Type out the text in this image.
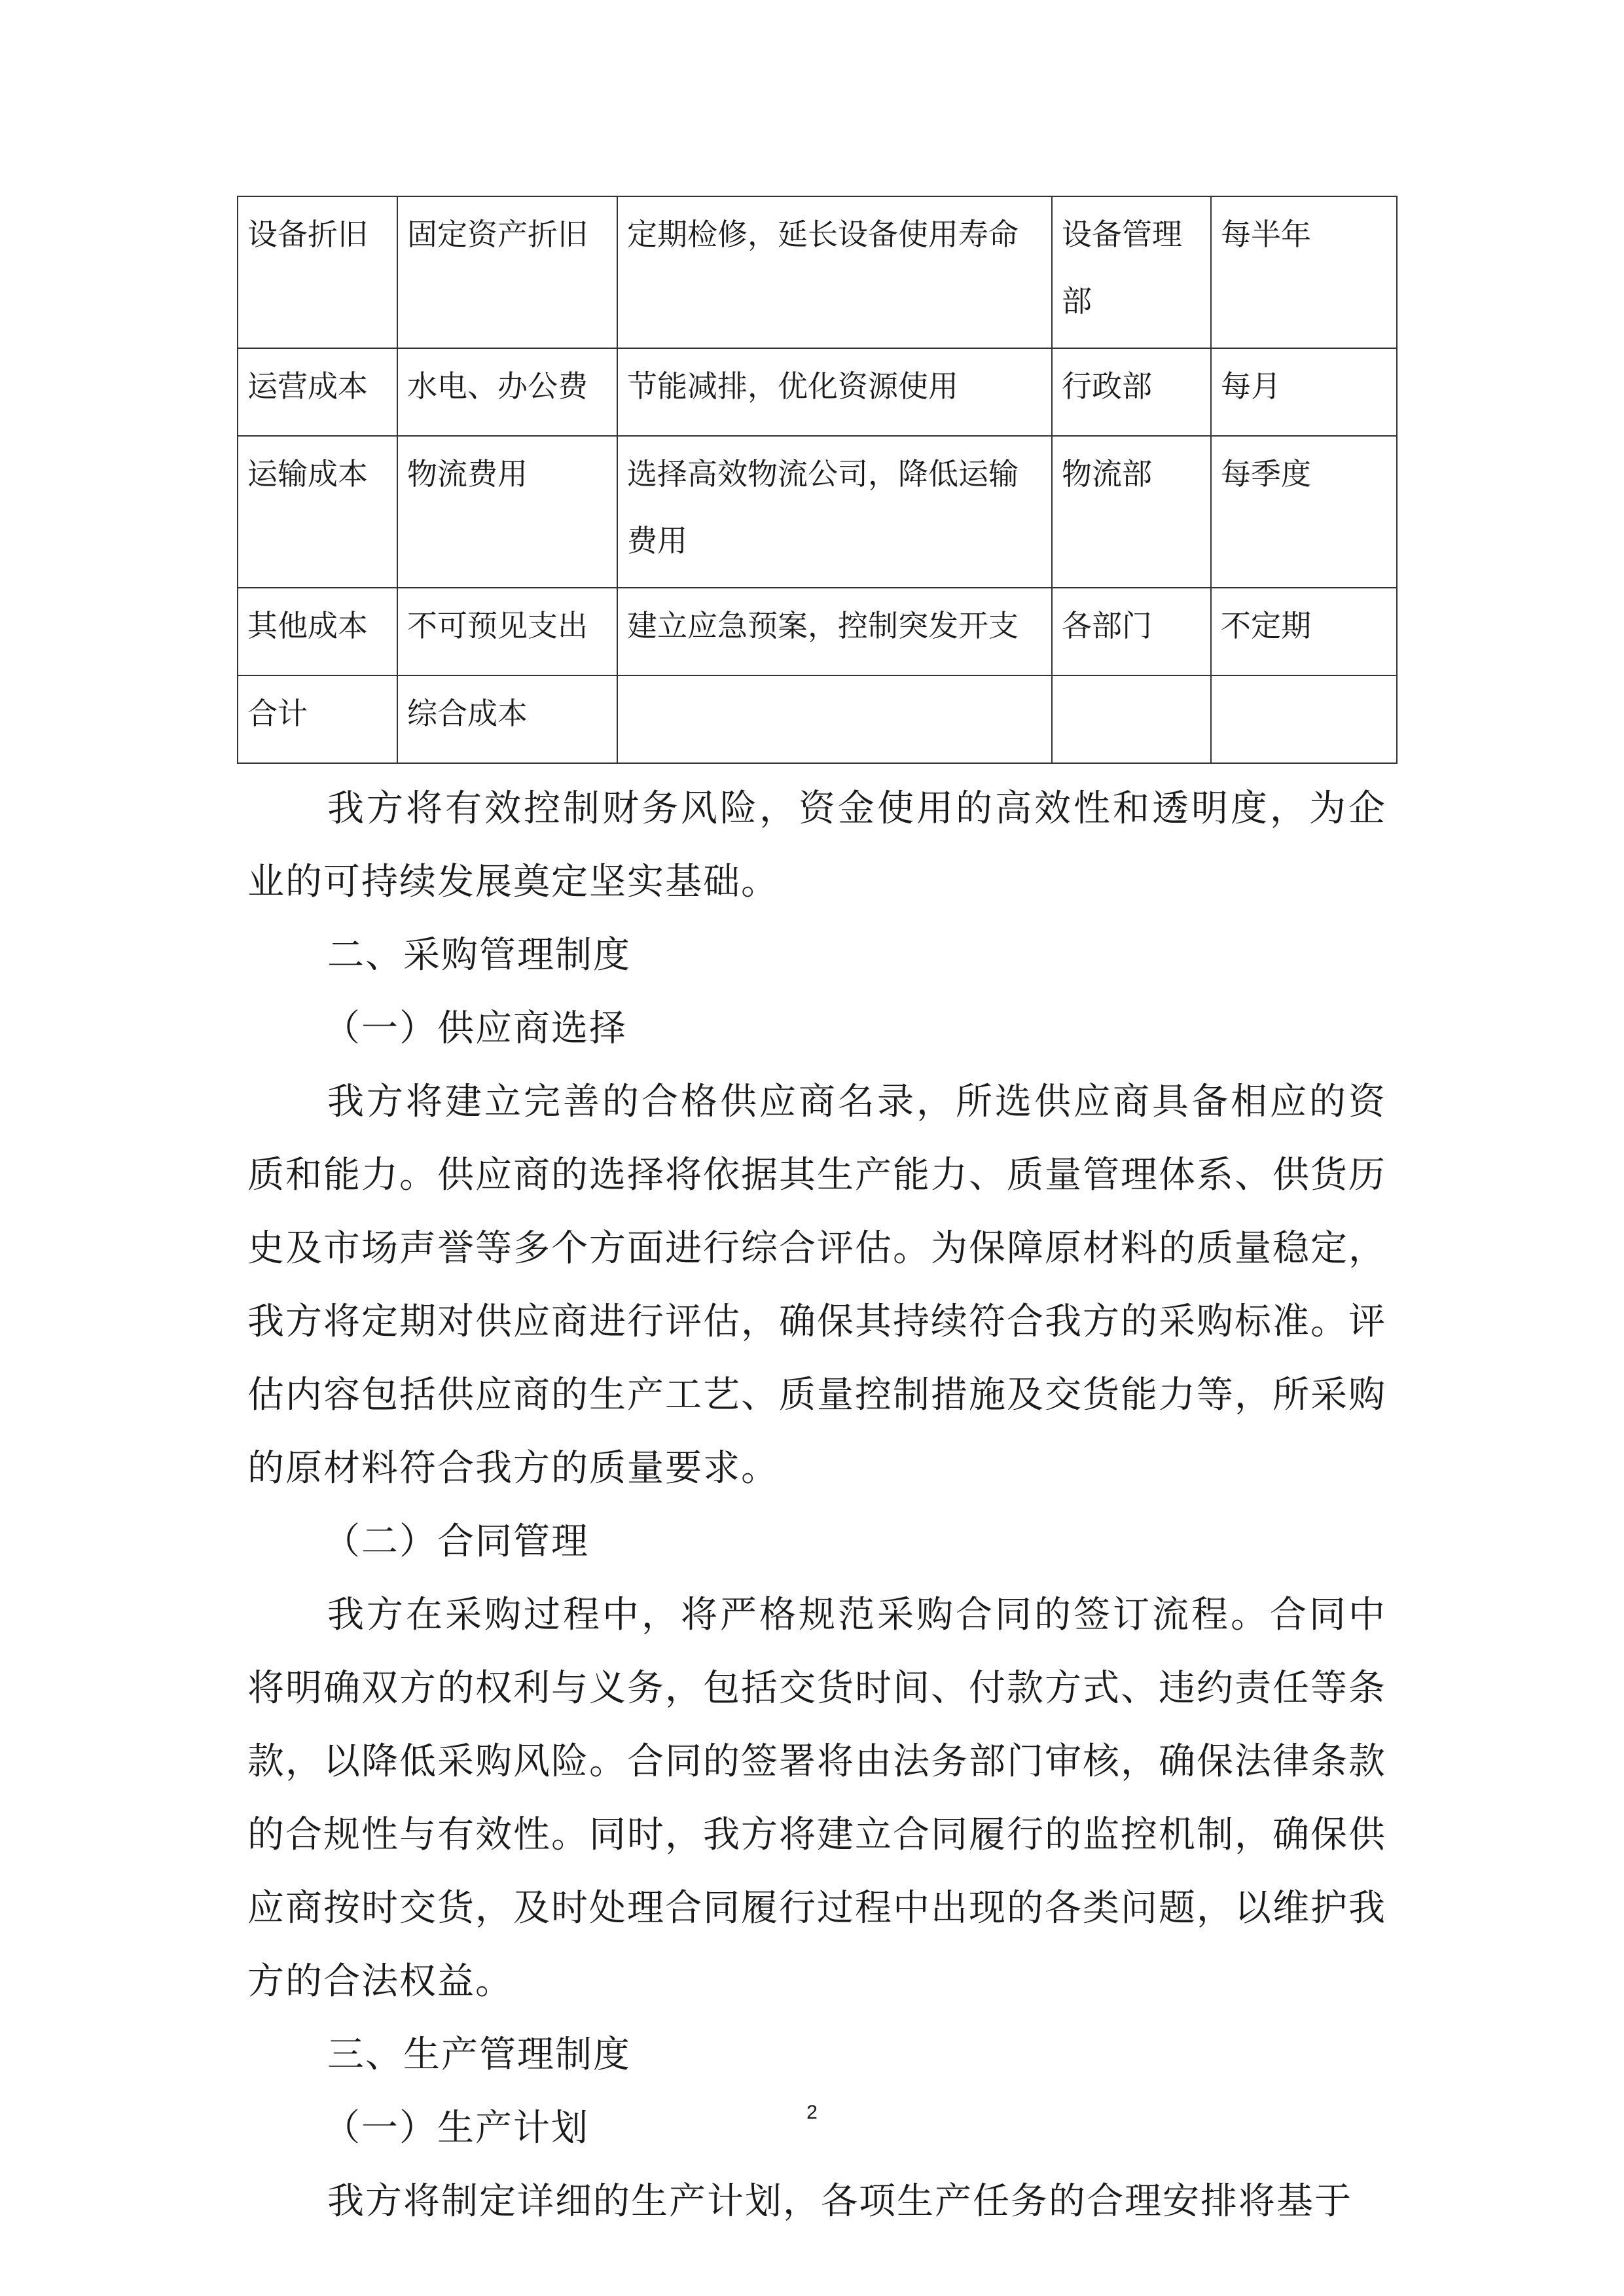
设备折旧	固定资产折旧	定期检修，延长设备使用寿命	设备管理部	每半年
运营成本	水电、办公费	节能减排，优化资源使用	行政部	每月
运输成本	物流费用	选择高效物流公司，降低运输费用	物流部	每季度
其他成本	不可预见支出	建立应急预案，控制突发开支	各部门	不定期
合计	综合成本			

我方将有效控制财务风险，资金使用的高效性和透明度，为企业的可持续发展奠定坚实基础。

二、采购管理制度

（一）供应商选择

我方将建立完善的合格供应商名录，所选供应商具备相应的资质和能力。供应商的选择将依据其生产能力、质量管理体系、供货历史及市场声誉等多个方面进行综合评估。为保障原材料的质量稳定，我方将定期对供应商进行评估，确保其持续符合我方的采购标准。评估内容包括供应商的生产工艺、质量控制措施及交货能力等，所采购的原材料符合我方的质量要求。

（二）合同管理

我方在采购过程中，将严格规范采购合同的签订流程。合同中将明确双方的权利与义务，包括交货时间、付款方式、违约责任等条款，以降低采购风险。合同的签署将由法务部门审核，确保法律条款的合规性与有效性。同时，我方将建立合同履行的监控机制，确保供应商按时交货，及时处理合同履行过程中出现的各类问题，以维护我方的合法权益。

三、生产管理制度

（一）生产计划

我方将制定详细的生产计划，各项生产任务的合理安排将基于

2
